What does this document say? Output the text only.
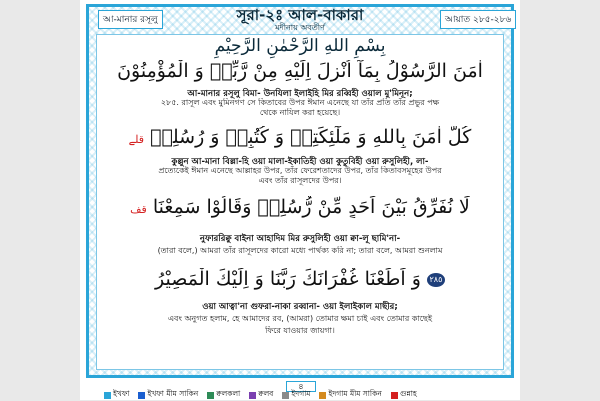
আ-মানার রসূলু	সূরা-২ঃ আল-বাকারা
মদীনায় অবতীর্ণ
আয়াত ২৮৫-২৮৬
بِسْمِ اللهِ الرَّحْمٰنِ الرَّحِيْمِ
اٰمَنَ الرَّسُوْلُ بِمَآ اُنْزِلَ اِلَيْهِ مِنْ رَّبِّهٖ وَ الْمُؤْمِنُوْنَ
আ-মানার রসূলু বিমা- উনযিলা ইলাইহি মির রব্বিহী ওয়াল মু'মিনূন;
২৮৫. রাসূল এবং মুমিনগণ সে কিতাবের উপর ঈমান এনেছে যা তাঁর প্রতি তাঁর প্রভুর পক্ষ
থেকে নাযিল করা হয়েছে।
كُلٌّ اٰمَنَ بِاللهِ وَ مَلٰٓئِكَتِهٖ وَ كُتُبِهٖ وَ رُسُلِهٖ قلے
কুল্লুন আ-মানা বিল্লা-হি ওয়া মালা-ইকাতিহী ওয়া কুতুবিহী ওয়া রুসুলিহী, লা-
প্রত্যেকেই ঈমান এনেছে আল্লাহর উপর, তাঁর ফেরেশতাদের উপর, তাঁর কিতাবসমূহের উপর
এবং তাঁর রাসূলদের উপর।
لَا نُفَرِّقُ بَيْنَ اَحَدٍ مِّنْ رُّسُلِهٖ وَقَالُوْا سَمِعْنَا قف
নুফাররিক্বু বাইনা আহাদিম মির রুসুলিহী ওয়া ক্বা-লূ ছামি'না-
(তারা বলে,) আমরা তাঁর রাসূলদের কারো মধ্যে পার্থক্য করি না; তারা বলে, আমরা শুনলাম
٢٨٥ وَ اَطَعْنَا غُفْرَانَكَ رَبَّنَا وَ اِلَيْكَ الْمَصِيْرُ
ওয়া আত্বা'না গুফরা-নাকা রব্বানা- ওয়া ইলাইকাল মাছীর;
এবং অনুগত হলাম, হে আমাদের রব, (আমরা) তোমার ক্ষমা চাই এবং তোমার কাছেই
ফিরে যাওয়ার জায়গা।
৪
ইখফা ইখফা মীম সাকিন ক্বলকলা ক্বলব ইদগাম ইদগাম মীম সাকিন গুন্নাহ
